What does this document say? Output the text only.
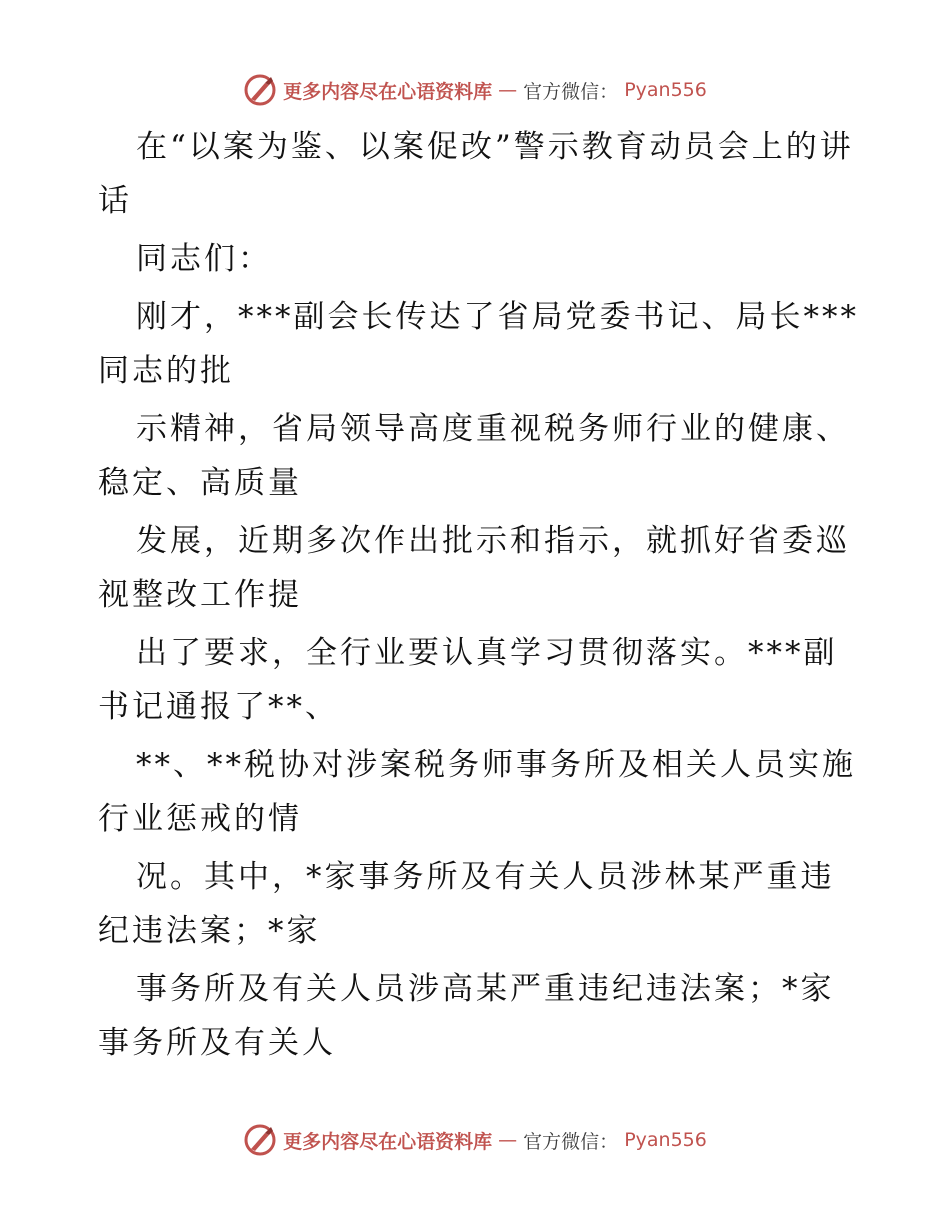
更多内容尽在心语资料库 — 官方微信： Pyan556

在“以案为鉴、以案促改”警示教育动员会上的讲话

同志们：

刚才，***副会长传达了省局党委书记、局长***同志的批

示精神，省局领导高度重视税务师行业的健康、稳定、高质量

发展，近期多次作出批示和指示，就抓好省委巡视整改工作提

出了要求，全行业要认真学习贯彻落实。***副书记通报了**、

**、**税协对涉案税务师事务所及相关人员实施行业惩戒的情

况。其中，*家事务所及有关人员涉林某严重违纪违法案；*家

事务所及有关人员涉高某严重违纪违法案；*家事务所及有关人

更多内容尽在心语资料库 — 官方微信： Pyan556
